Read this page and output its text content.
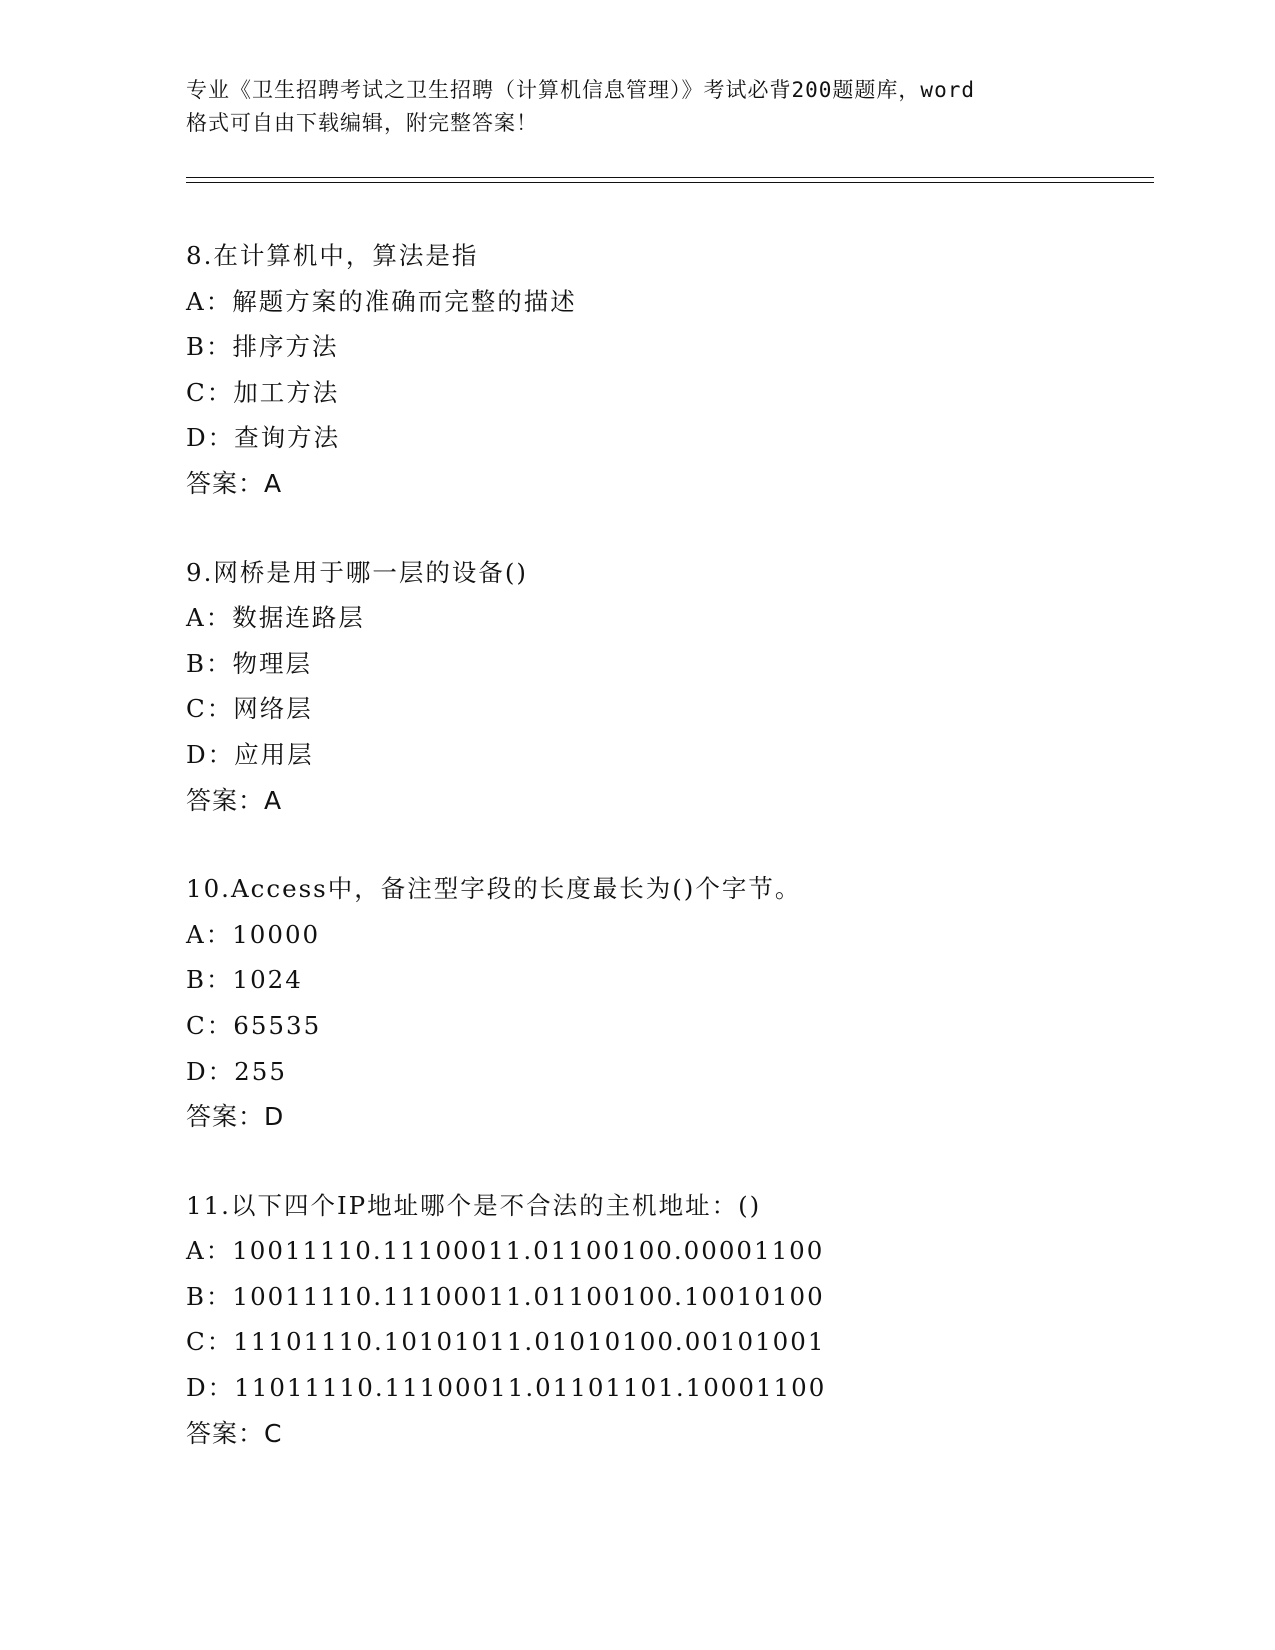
专业《卫生招聘考试之卫生招聘（计算机信息管理）》考试必背200题题库，word
格式可自由下载编辑，附完整答案！
8.在计算机中，算法是指
A：解题方案的准确而完整的描述
B：排序方法
C：加工方法
D：查询方法
答案：A
9.网桥是用于哪一层的设备()
A：数据连路层
B：物理层
C：网络层
D：应用层
答案：A
10.Access中，备注型字段的长度最长为()个字节。
A：10000
B：1024
C：65535
D：255
答案：D
11.以下四个IP地址哪个是不合法的主机地址：()
A：10011110.11100011.01100100.00001100
B：10011110.11100011.01100100.10010100
C：11101110.10101011.01010100.00101001
D：11011110.11100011.01101101.10001100
答案：C
